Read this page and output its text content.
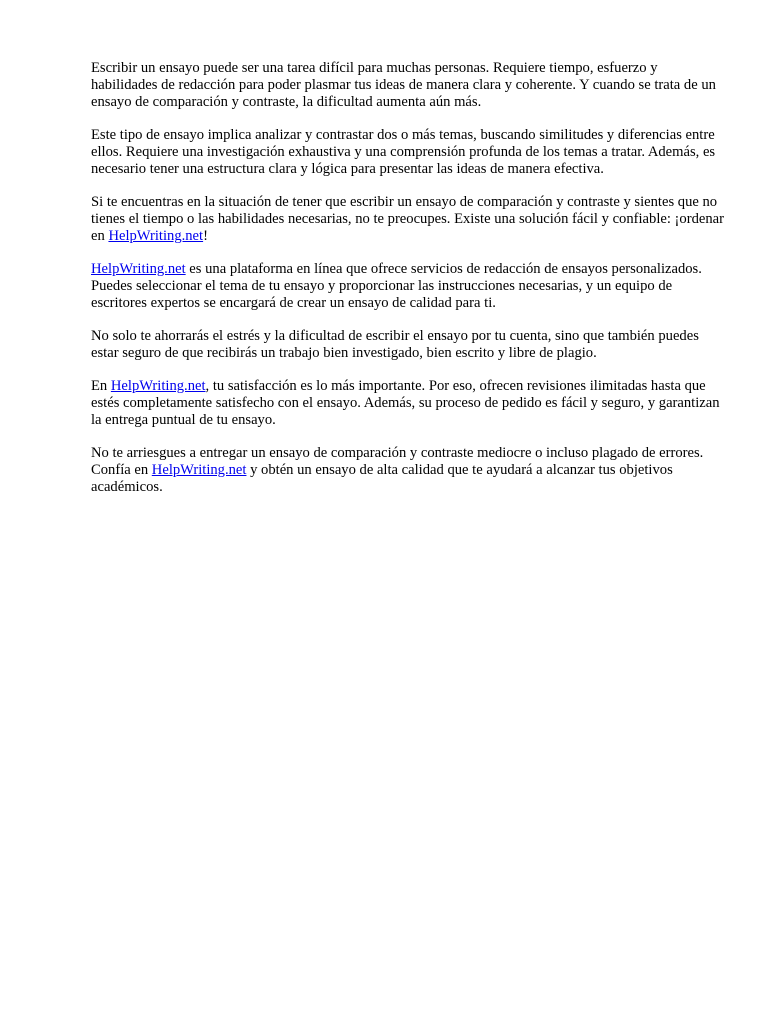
Escribir un ensayo puede ser una tarea difícil para muchas personas. Requiere tiempo, esfuerzo y habilidades de redacción para poder plasmar tus ideas de manera clara y coherente. Y cuando se trata de un ensayo de comparación y contraste, la dificultad aumenta aún más.

Este tipo de ensayo implica analizar y contrastar dos o más temas, buscando similitudes y diferencias entre ellos. Requiere una investigación exhaustiva y una comprensión profunda de los temas a tratar. Además, es necesario tener una estructura clara y lógica para presentar las ideas de manera efectiva.

Si te encuentras en la situación de tener que escribir un ensayo de comparación y contraste y sientes que no tienes el tiempo o las habilidades necesarias, no te preocupes. Existe una solución fácil y confiable: ¡ordenar en HelpWriting.net!

HelpWriting.net es una plataforma en línea que ofrece servicios de redacción de ensayos personalizados. Puedes seleccionar el tema de tu ensayo y proporcionar las instrucciones necesarias, y un equipo de escritores expertos se encargará de crear un ensayo de calidad para ti.

No solo te ahorrarás el estrés y la dificultad de escribir el ensayo por tu cuenta, sino que también puedes estar seguro de que recibirás un trabajo bien investigado, bien escrito y libre de plagio.

En HelpWriting.net, tu satisfacción es lo más importante. Por eso, ofrecen revisiones ilimitadas hasta que estés completamente satisfecho con el ensayo. Además, su proceso de pedido es fácil y seguro, y garantizan la entrega puntual de tu ensayo.

No te arriesgues a entregar un ensayo de comparación y contraste mediocre o incluso plagado de errores. Confía en HelpWriting.net y obtén un ensayo de alta calidad que te ayudará a alcanzar tus objetivos académicos.
